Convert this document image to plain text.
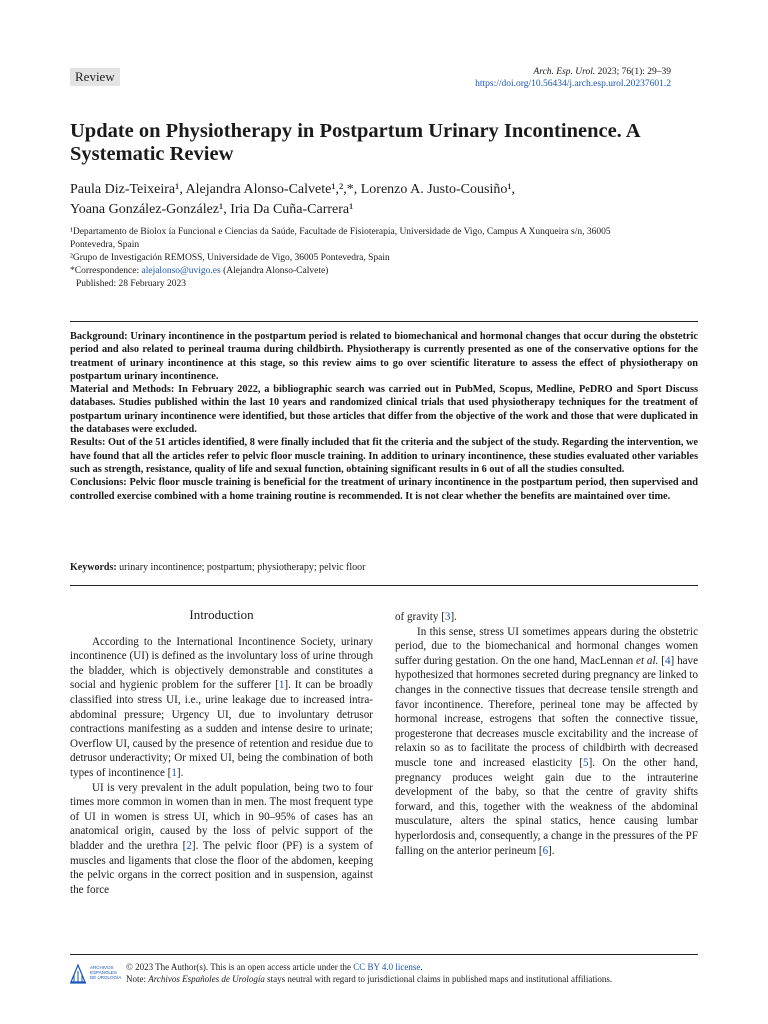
Review	Arch. Esp. Urol. 2023; 76(1): 29–39
https://doi.org/10.56434/j.arch.esp.urol.20237601.2
Update on Physiotherapy in Postpartum Urinary Incontinence. A Systematic Review
Paula Diz-Teixeira¹, Alejandra Alonso-Calvete¹,²,*, Lorenzo A. Justo-Cousiño¹,
Yoana González-González¹, Iria Da Cuña-Carrera¹
¹Departamento de Biolox ía Funcional e Ciencias da Saúde, Facultade de Fisioterapia, Universidade de Vigo, Campus A Xunqueira s/n, 36005
Pontevedra, Spain
²Grupo de Investigación REMOSS, Universidade de Vigo, 36005 Pontevedra, Spain
*Correspondence: alejalonso@uvigo.es (Alejandra Alonso-Calvete)
Published: 28 February 2023

Background: Urinary incontinence in the postpartum period is related to biomechanical and hormonal changes that occur during the obstetric period and also related to perineal trauma during childbirth. Physiotherapy is currently presented as one of the conservative options for the treatment of urinary incontinence at this stage, so this review aims to go over scientific literature to assess the effect of physiotherapy on postpartum urinary incontinence.

Material and Methods: In February 2022, a bibliographic search was carried out in PubMed, Scopus, Medline, PeDRO and Sport Discuss databases. Studies published within the last 10 years and randomized clinical trials that used physiotherapy techniques for the treatment of postpartum urinary incontinence were identified, but those articles that differ from the objective of the work and those that were duplicated in the databases were excluded.

Results: Out of the 51 articles identified, 8 were finally included that fit the criteria and the subject of the study. Regarding the intervention, we have found that all the articles refer to pelvic floor muscle training. In addition to urinary incontinence, these studies evaluated other variables such as strength, resistance, quality of life and sexual function, obtaining significant results in 6 out of all the studies consulted.

Conclusions: Pelvic floor muscle training is beneficial for the treatment of urinary incontinence in the postpartum period, then supervised and controlled exercise combined with a home training routine is recommended. It is not clear whether the benefits are maintained over time.

Keywords: urinary incontinence; postpartum; physiotherapy; pelvic floor
Introduction

According to the International Incontinence Society, urinary incontinence (UI) is defined as the involuntary loss of urine through the bladder, which is objectively demonstrable and constitutes a social and hygienic problem for the sufferer [1]. It can be broadly classified into stress UI, i.e., urine leakage due to increased intra-abdominal pressure; Urgency UI, due to involuntary detrusor contractions manifesting as a sudden and intense desire to urinate; Overflow UI, caused by the presence of retention and residue due to detrusor underactivity; Or mixed UI, being the combination of both types of incontinence [1].

UI is very prevalent in the adult population, being two to four times more common in women than in men. The most frequent type of UI in women is stress UI, which in 90–95% of cases has an anatomical origin, caused by the loss of pelvic support of the bladder and the urethra [2]. The pelvic floor (PF) is a system of muscles and ligaments that close the floor of the abdomen, keeping the pelvic organs in the correct position and in suspension, against the force

of gravity [3].

In this sense, stress UI sometimes appears during the obstetric period, due to the biomechanical and hormonal changes women suffer during gestation. On the one hand, MacLennan et al. [4] have hypothesized that hormones secreted during pregnancy are linked to changes in the connective tissues that decrease tensile strength and favor incontinence. Therefore, perineal tone may be affected by hormonal increase, estrogens that soften the connective tissue, progesterone that decreases muscle excitability and the increase of relaxin so as to facilitate the process of childbirth with decreased muscle tone and increased elasticity [5]. On the other hand, pregnancy produces weight gain due to the intrauterine development of the baby, so that the centre of gravity shifts forward, and this, together with the weakness of the abdominal musculature, alters the spinal statics, hence causing lumbar hyperlordosis and, consequently, a change in the pressures of the PF falling on the anterior perineum [6].

ARCHIVOS
ESPAÑOLES
DE UROLOGÍA
© 2023 The Author(s). This is an open access article under the CC BY 4.0 license.
Note: Archivos Españoles de Urología stays neutral with regard to jurisdictional claims in published maps and institutional affiliations.
